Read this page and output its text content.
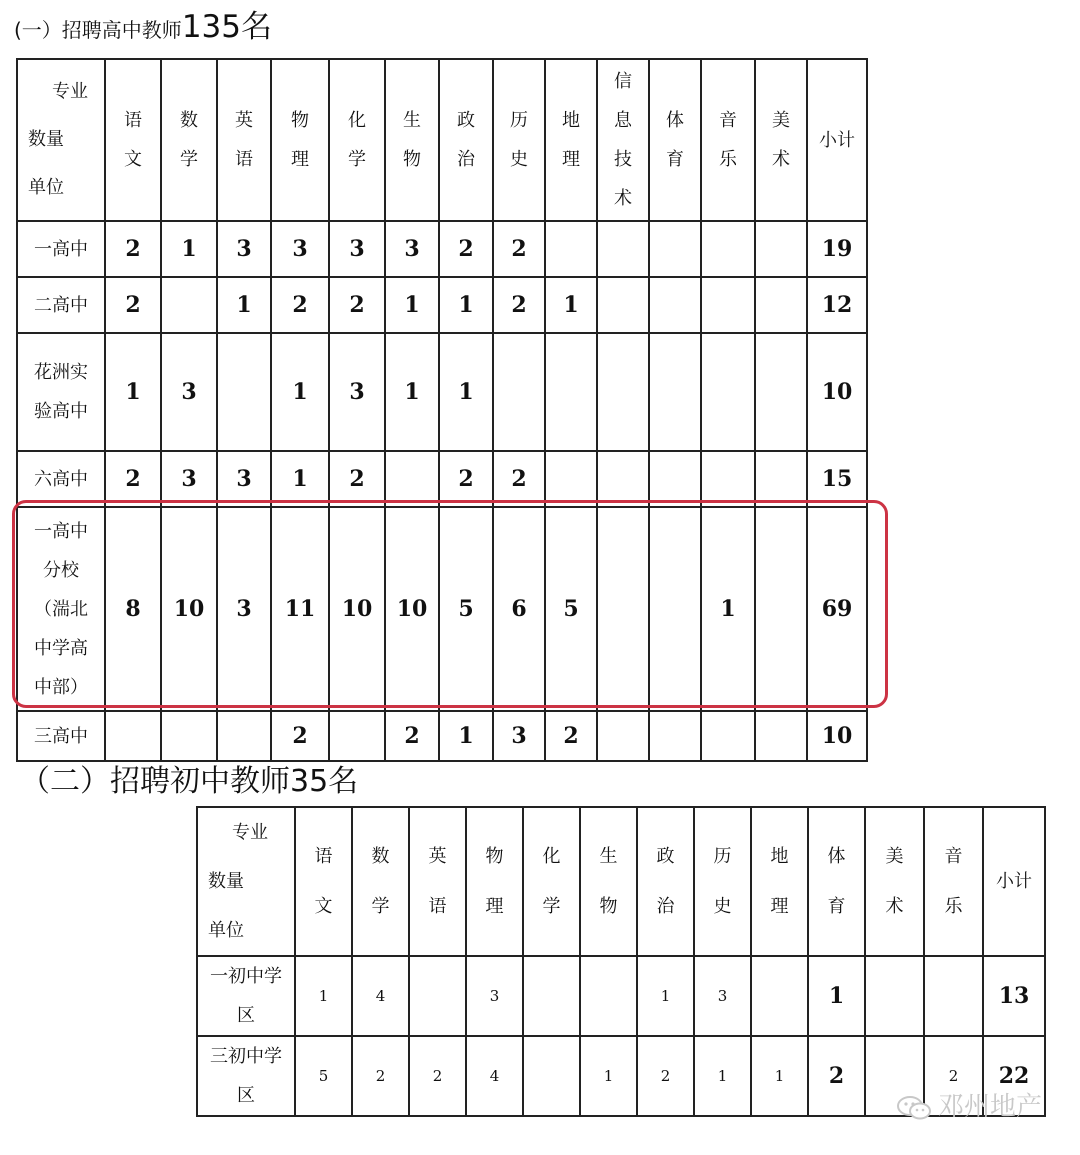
(一）招聘高中教师135名
专业
数量
单位	语文	数学	英语	物理	化学	生物	政治	历史	地理	信息技术	体育	音乐	美术	小计

一高中	2	1	3	3	3	3	2	2						19

二高中	2		1	2	2	1	1	2	1					12

花洲实验高中	1	3		1	3	1	1							10

六高中	2	3	3	1	2		2	2						15

一高中分校（湍北中学高中部）	8	10	3	11	10	10	5	6	5			1		69

三高中				2		2	1	3	2					10
（二）招聘初中教师35名
专业
数量
单位	语文	数学	英语	物理	化学	生物	政治	历史	地理	体育	美术	音乐	小计

一初中学区	1	4		3			1	3		1			13

三初中学区	5	2	2	4		1	2	1	1	2		2	22
邓州地产
